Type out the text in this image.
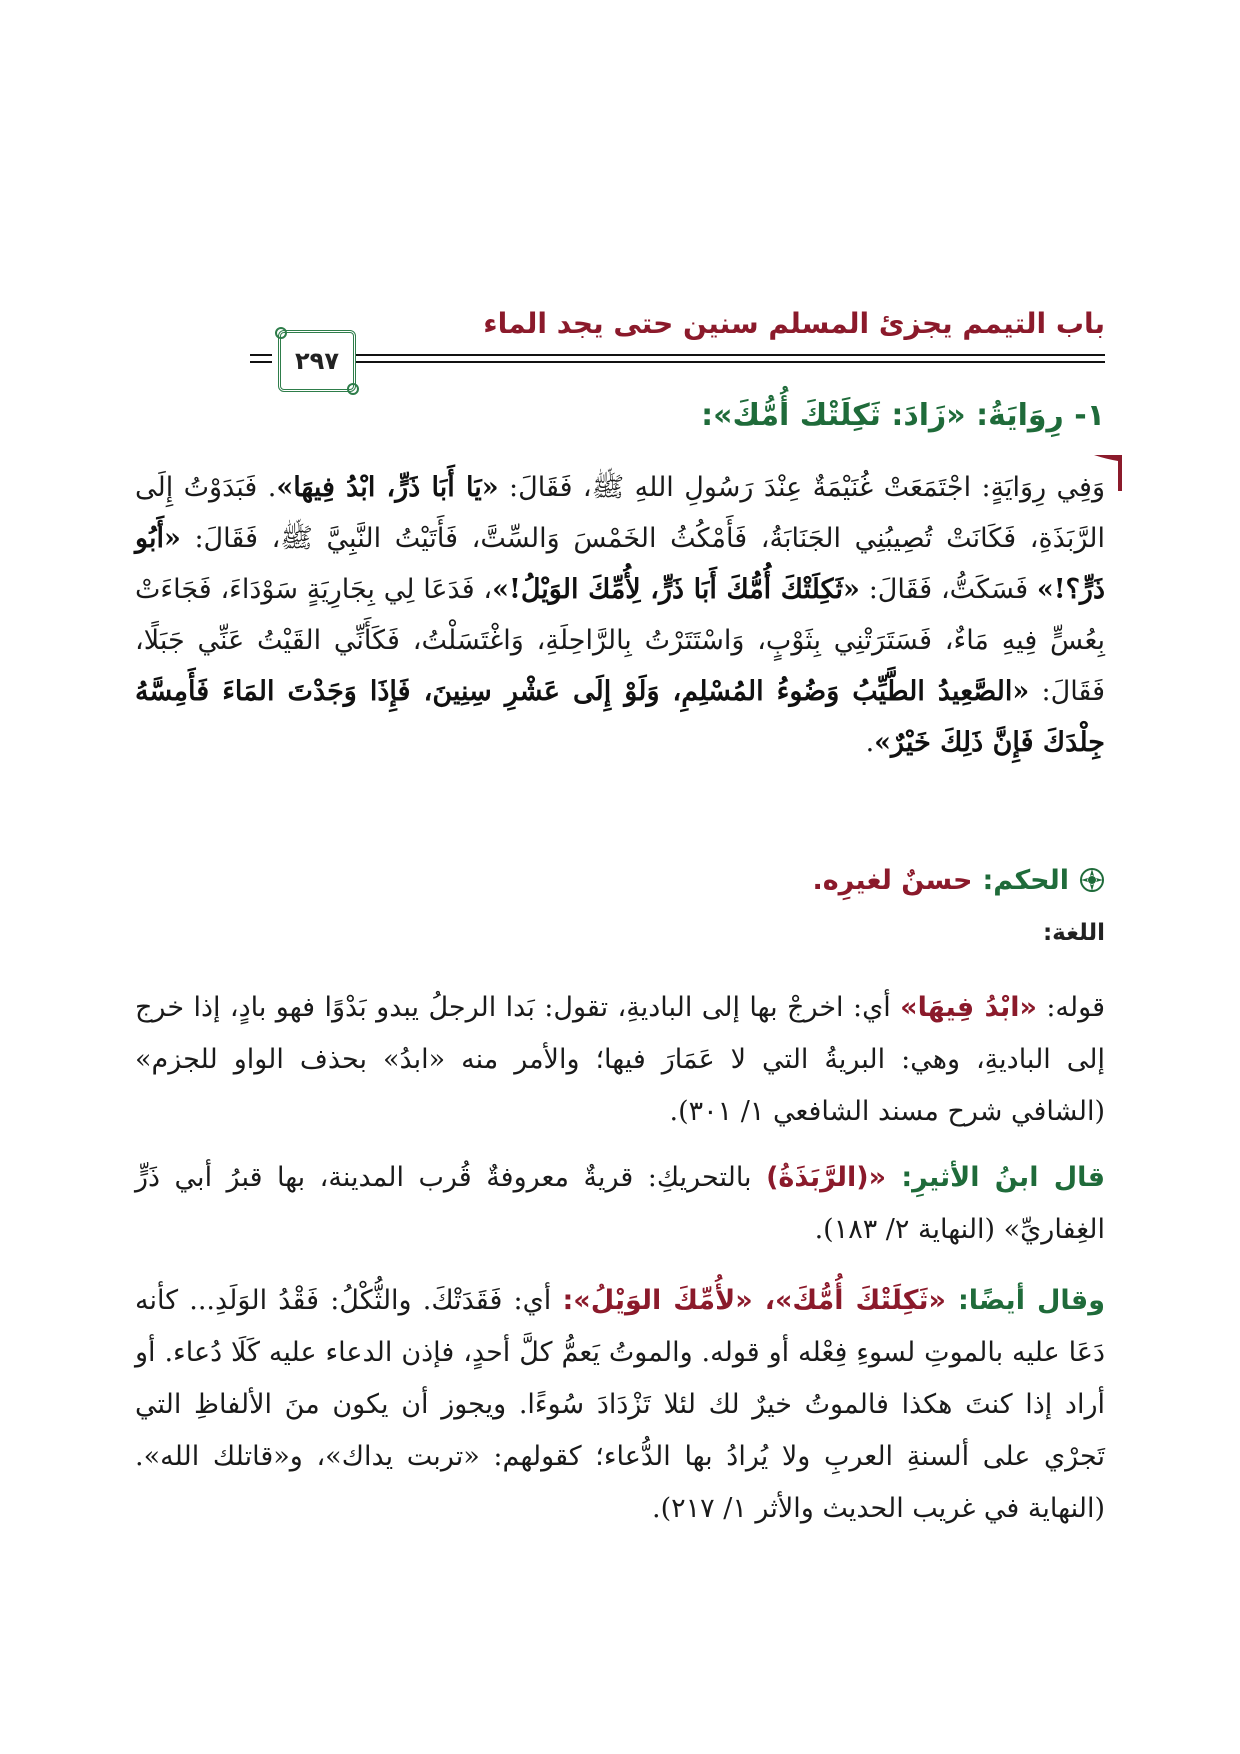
باب التيمم يجزئ المسلم سنين حتى يجد الماء
٢٩٧
١- رِوَايَةُ: «زَادَ: ثَكِلَتْكَ أُمُّكَ»:
وَفِي رِوَايَةٍ: اجْتَمَعَتْ غُنَيْمَةٌ عِنْدَ رَسُولِ اللهِ ﷺ، فَقَالَ: «يَا أَبَا ذَرٍّ، ابْدُ فِيهَا». فَبَدَوْتُ إِلَى الرَّبَذَةِ، فَكَانَتْ تُصِيبُنِي الجَنَابَةُ، فَأَمْكُثُ الخَمْسَ وَالسِّتَّ، فَأَتَيْتُ النَّبِيَّ ﷺ، فَقَالَ: «أَبُو ذَرٍّ؟!» فَسَكَتُّ، فَقَالَ: «ثَكِلَتْكَ أُمُّكَ أَبَا ذَرٍّ، لِأُمِّكَ الوَيْلُ!»، فَدَعَا لِي بِجَارِيَةٍ سَوْدَاءَ، فَجَاءَتْ بِعُسٍّ فِيهِ مَاءٌ، فَسَتَرَتْنِي بِثَوْبٍ، وَاسْتَتَرْتُ بِالرَّاحِلَةِ، وَاغْتَسَلْتُ، فَكَأَنِّي القَيْتُ عَنِّي جَبَلًا، فَقَالَ: «الصَّعِيدُ الطَّيِّبُ وَضُوءُ المُسْلِمِ، وَلَوْ إِلَى عَشْرِ سِنِينَ، فَإِذَا وَجَدْتَ المَاءَ فَأَمِسَّهُ جِلْدَكَ فَإِنَّ ذَلِكَ خَيْرٌ».
الحكم:
حسنٌ لغيرِه.
اللغة:
قوله: «ابْدُ فِيهَا» أي: اخرجْ بها إلى الباديةِ، تقول: بَدا الرجلُ يبدو بَدْوًا فهو بادٍ، إذا خرج إلى الباديةِ، وهي: البريةُ التي لا عَمَارَ فيها؛ والأمر منه «ابدُ» بحذف الواو للجزم» (الشافي شرح مسند الشافعي ١/ ٣٠١).
قال ابنُ الأثيرِ: «(الرَّبَذَةُ) بالتحريكِ: قريةٌ معروفةٌ قُرب المدينة، بها قبرُ أبي ذَرٍّ الغِفاريِّ» (النهاية ٢/ ١٨٣).
وقال أيضًا: «ثَكِلَتْكَ أُمُّكَ»، «لأُمِّكَ الوَيْلُ»: أي: فَقَدَتْكَ. والثُّكْلُ: فَقْدُ الوَلَدِ... كأنه دَعَا عليه بالموتِ لسوءِ فِعْله أو قوله. والموتُ يَعمُّ كلَّ أحدٍ، فإذن الدعاء عليه كَلَا دُعاء. أو أراد إذا كنتَ هكذا فالموتُ خيرٌ لك لئلا تَزْدَادَ سُوءًا. ويجوز أن يكون منَ الألفاظِ التي تَجرْي على ألسنةِ العربِ ولا يُرادُ بها الدُّعاء؛ كقولهم: «تربت يداك»، و«قاتلك الله». (النهاية في غريب الحديث والأثر ١/ ٢١٧).
